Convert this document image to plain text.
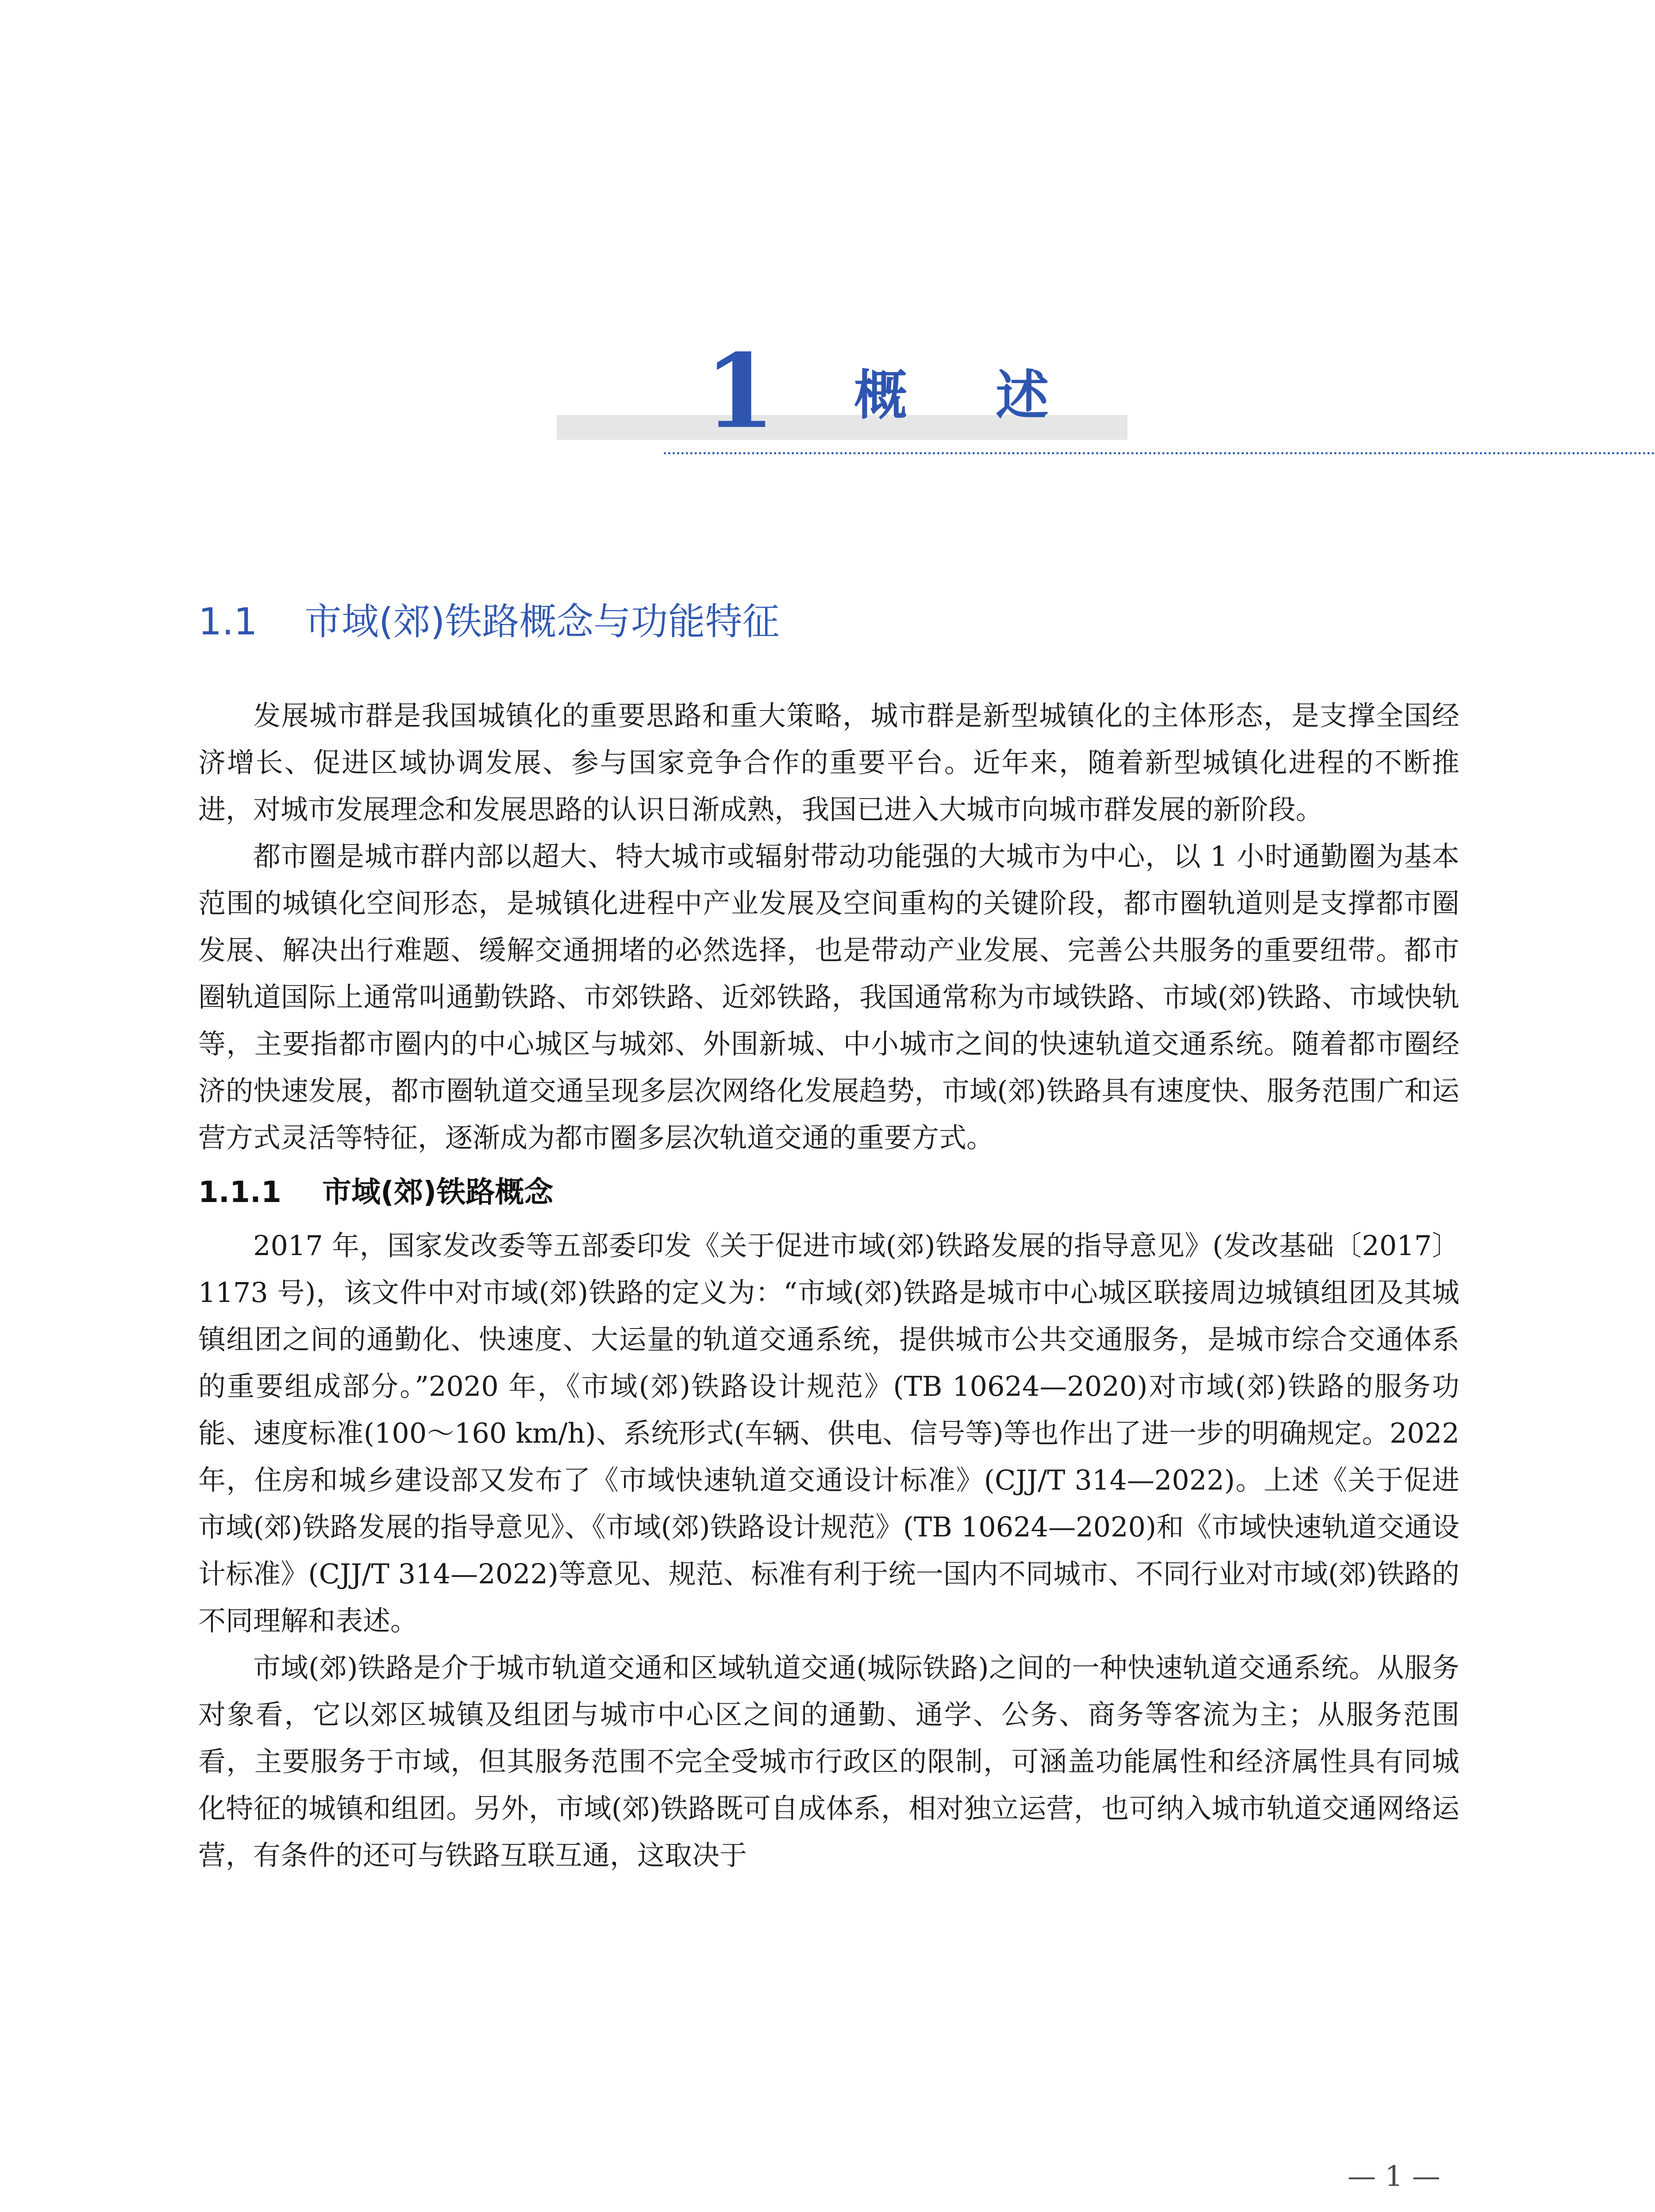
1 概述
1.1 市域(郊)铁路概念与功能特征

发展城市群是我国城镇化的重要思路和重大策略，城市群是新型城镇化的主体形态，是支撑全国经济增长、促进区域协调发展、参与国家竞争合作的重要平台。近年来，随着新型城镇化进程的不断推进，对城市发展理念和发展思路的认识日渐成熟，我国已进入大城市向城市群发展的新阶段。

都市圈是城市群内部以超大、特大城市或辐射带动功能强的大城市为中心，以 1 小时通勤圈为基本范围的城镇化空间形态，是城镇化进程中产业发展及空间重构的关键阶段，都市圈轨道则是支撑都市圈发展、解决出行难题、缓解交通拥堵的必然选择，也是带动产业发展、完善公共服务的重要纽带。都市圈轨道国际上通常叫通勤铁路、市郊铁路、近郊铁路，我国通常称为市域铁路、市域(郊)铁路、市域快轨等，主要指都市圈内的中心城区与城郊、外围新城、中小城市之间的快速轨道交通系统。随着都市圈经济的快速发展，都市圈轨道交通呈现多层次网络化发展趋势，市域(郊)铁路具有速度快、服务范围广和运营方式灵活等特征，逐渐成为都市圈多层次轨道交通的重要方式。

1.1.1 市域(郊)铁路概念

2017 年，国家发改委等五部委印发《关于促进市域(郊)铁路发展的指导意见》(发改基础〔2017〕1173 号)，该文件中对市域(郊)铁路的定义为：“市域(郊)铁路是城市中心城区联接周边城镇组团及其城镇组团之间的通勤化、快速度、大运量的轨道交通系统，提供城市公共交通服务，是城市综合交通体系的重要组成部分。”2020 年，《市域(郊)铁路设计规范》(TB 10624—2020)对市域(郊)铁路的服务功能、速度标准(100～160 km/h)、系统形式(车辆、供电、信号等)等也作出了进一步的明确规定。2022 年，住房和城乡建设部又发布了《市域快速轨道交通设计标准》(CJJ/T 314—2022)。上述《关于促进市域(郊)铁路发展的指导意见》、《市域(郊)铁路设计规范》(TB 10624—2020)和《市域快速轨道交通设计标准》(CJJ/T 314—2022)等意见、规范、标准有利于统一国内不同城市、不同行业对市域(郊)铁路的不同理解和表述。

市域(郊)铁路是介于城市轨道交通和区域轨道交通(城际铁路)之间的一种快速轨道交通系统。从服务对象看，它以郊区城镇及组团与城市中心区之间的通勤、通学、公务、商务等客流为主；从服务范围看，主要服务于市域，但其服务范围不完全受城市行政区的限制，可涵盖功能属性和经济属性具有同城化特征的城镇和组团。另外，市域(郊)铁路既可自成体系，相对独立运营，也可纳入城市轨道交通网络运营，有条件的还可与铁路互联互通，这取决于

— 1 —
